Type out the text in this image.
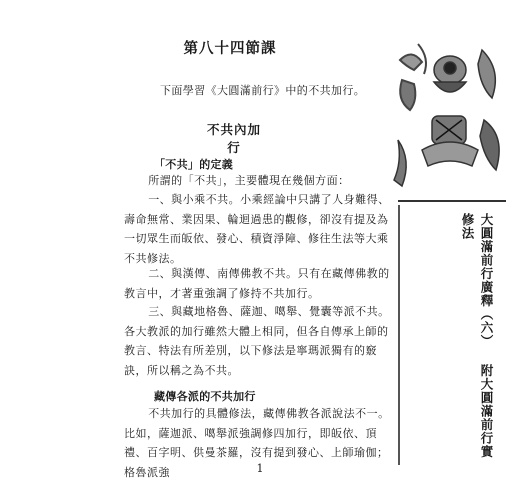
第八十四節課
下面學習《大圓滿前行》中的不共加行。
不共內加行
「不共」的定義

所謂的「不共」，主要體現在幾個方面：

一、與小乘不共。小乘經論中只講了人身難得、壽命無常、業因果、輪迴過患的觀修，卻沒有提及為一切眾生而皈依、發心、積資淨障、修往生法等大乘不共修法。

二、與漢傳、南傳佛教不共。只有在藏傳佛教的教言中，才著重強調了修持不共加行。

三、與藏地格魯、薩迦、噶舉、覺囊等派不共。各大教派的加行雖然大體上相同，但各自傳承上師的教言、特法有所差別，以下修法是寧瑪派獨有的竅訣，所以稱之為不共。

藏傳各派的不共加行

不共加行的具體修法，藏傳佛教各派說法不一。比如，薩迦派、噶舉派強調修四加行，即皈依、頂禮、百字明、供曼茶羅，沒有提到發心、上師瑜伽；格魯派強	1
大圓滿前行廣釋（六） 附大圓滿前行實修法
